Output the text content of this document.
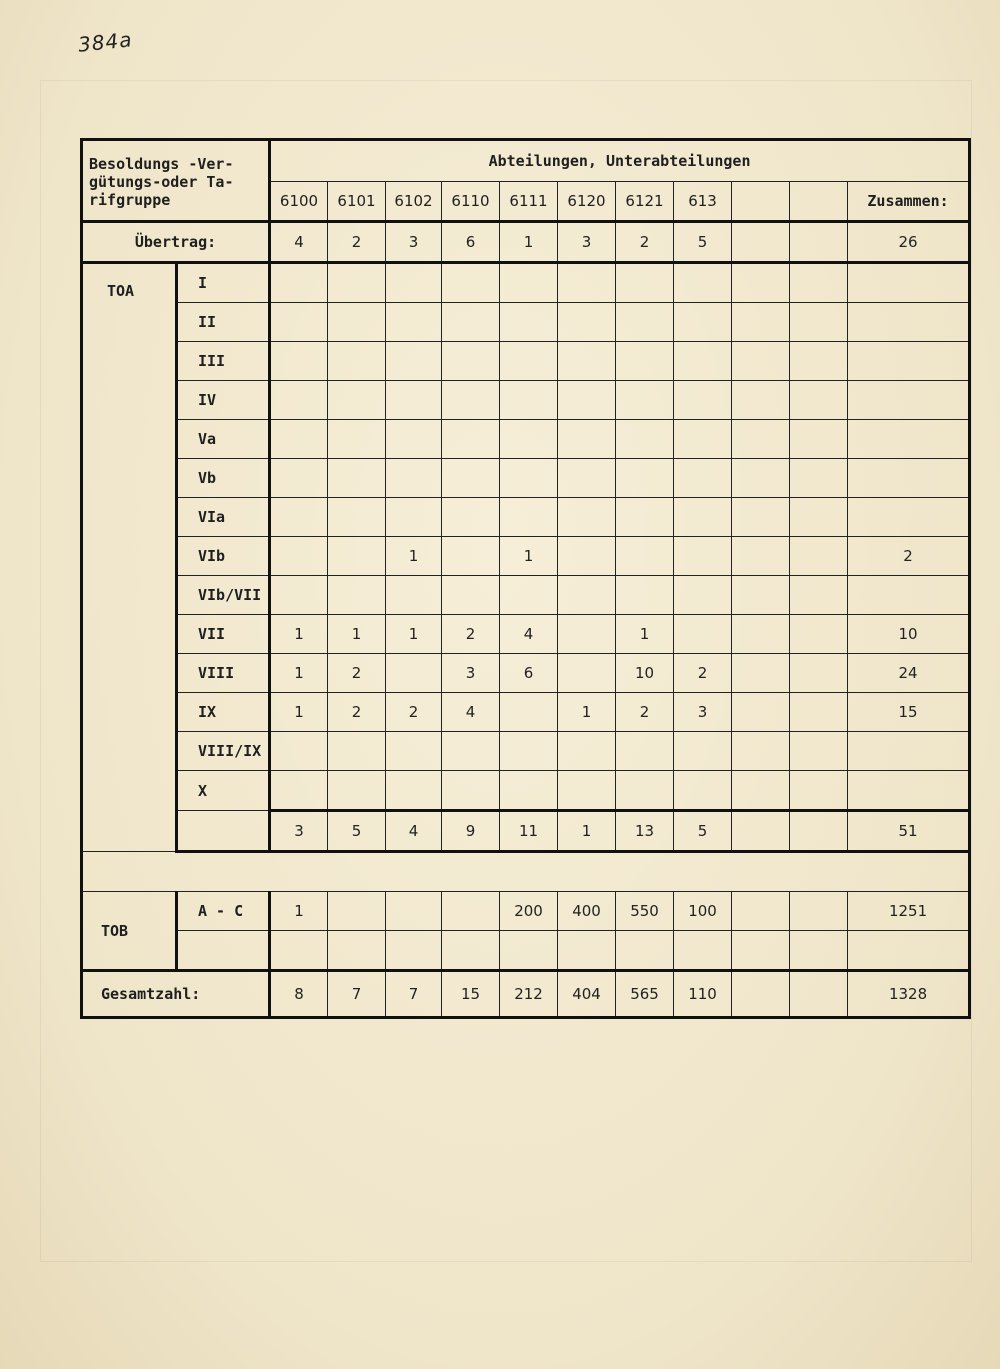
384a
Besoldungs -Ver- gütungs-oder Ta- rifgruppe		Abteilungen, Unterabteilungen										
		6100	6101	6102	6110	6111	6120	6121	613			Zusammen:
Übertrag:		4	2	3	6	1	3	2	5			26
TOA	I											
	II											
	III											
	IV											
	Va											
	Vb											
	VIa											
	VIb			1		1						2
	VIb/VII											
	VII	1	1	1	2	4		1				10
	VIII	1	2		3	6		10	2			24
	IX	1	2	2	4		1	2	3			15
	VIII/IX											
	X											
		3	5	4	9	11	1	13	5			51

TOB	A - C	1				200	400	550	100			1251

Gesamtzahl:		8	7	7	15	212	404	565	110			1328
